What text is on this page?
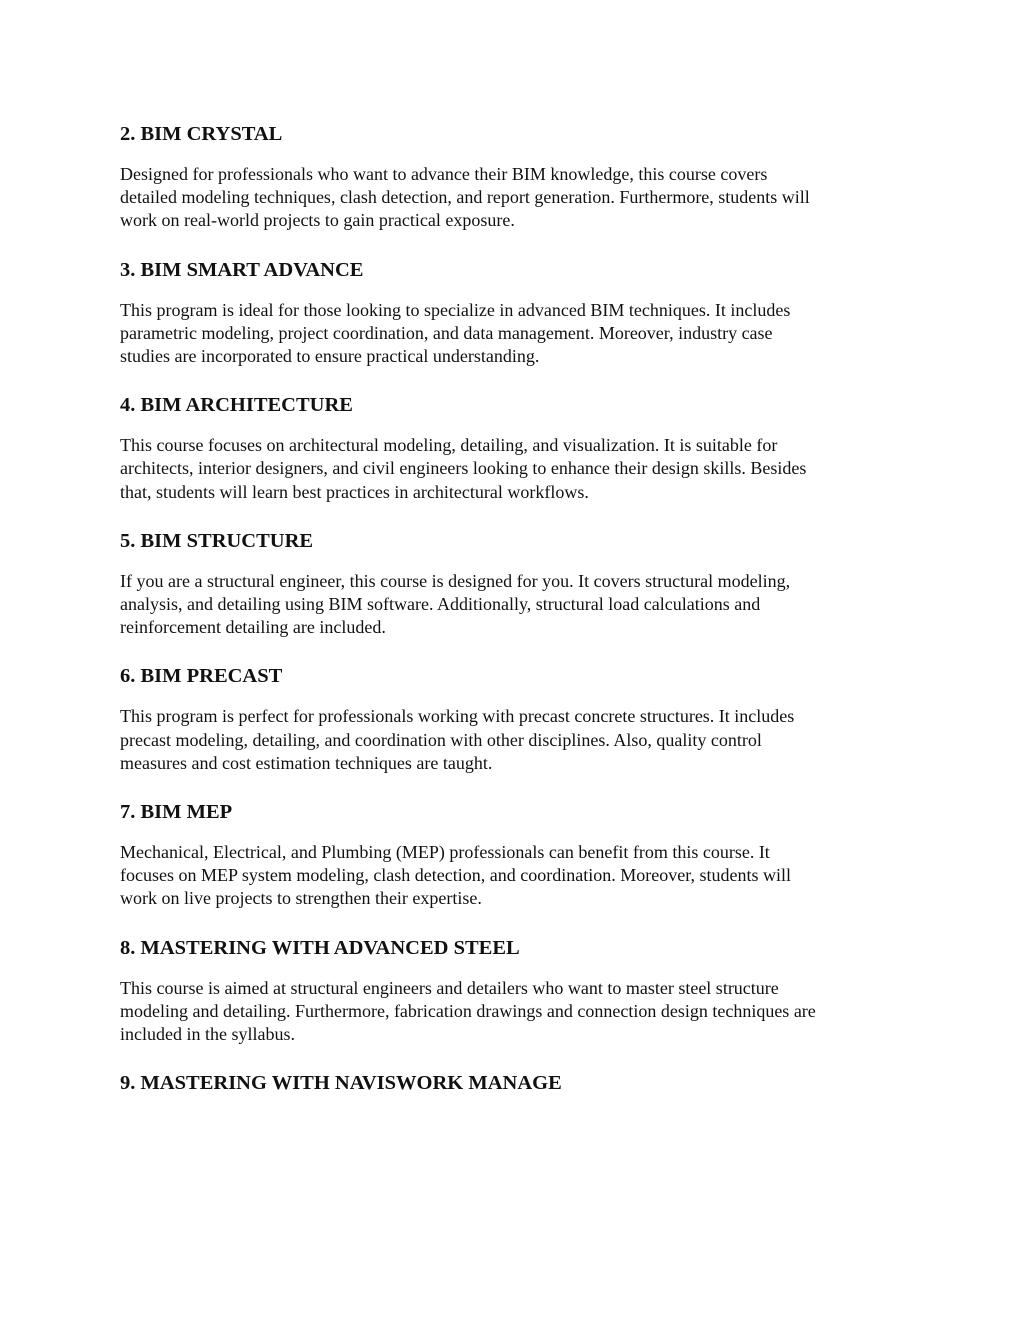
2. BIM CRYSTAL

Designed for professionals who want to advance their BIM knowledge, this course covers
detailed modeling techniques, clash detection, and report generation. Furthermore, students will
work on real-world projects to gain practical exposure.

3. BIM SMART ADVANCE

This program is ideal for those looking to specialize in advanced BIM techniques. It includes
parametric modeling, project coordination, and data management. Moreover, industry case
studies are incorporated to ensure practical understanding.

4. BIM ARCHITECTURE

This course focuses on architectural modeling, detailing, and visualization. It is suitable for
architects, interior designers, and civil engineers looking to enhance their design skills. Besides
that, students will learn best practices in architectural workflows.

5. BIM STRUCTURE

If you are a structural engineer, this course is designed for you. It covers structural modeling,
analysis, and detailing using BIM software. Additionally, structural load calculations and
reinforcement detailing are included.

6. BIM PRECAST

This program is perfect for professionals working with precast concrete structures. It includes
precast modeling, detailing, and coordination with other disciplines. Also, quality control
measures and cost estimation techniques are taught.

7. BIM MEP

Mechanical, Electrical, and Plumbing (MEP) professionals can benefit from this course. It
focuses on MEP system modeling, clash detection, and coordination. Moreover, students will
work on live projects to strengthen their expertise.

8. MASTERING WITH ADVANCED STEEL

This course is aimed at structural engineers and detailers who want to master steel structure
modeling and detailing. Furthermore, fabrication drawings and connection design techniques are
included in the syllabus.

9. MASTERING WITH NAVISWORK MANAGE
